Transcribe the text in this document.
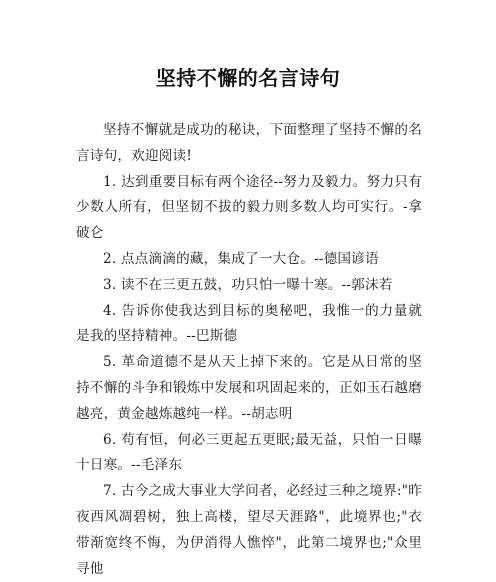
坚持不懈的名言诗句

坚持不懈就是成功的秘诀，下面整理了坚持不懈的名言诗句，欢迎阅读!

1. 达到重要目标有两个途径--努力及毅力。努力只有少数人所有，但坚韧不拔的毅力则多数人均可实行。-拿破仑

2. 点点滴滴的藏，集成了一大仓。--德国谚语

3. 读不在三更五鼓，功只怕一曝十寒。--郭沫若

4. 告诉你使我达到目标的奥秘吧，我惟一的力量就是我的坚持精神。--巴斯德

5. 革命道德不是从天上掉下来的。它是从日常的坚持不懈的斗争和锻炼中发展和巩固起来的，正如玉石越磨越亮，黄金越炼越纯一样。--胡志明

6. 苟有恒，何必三更起五更眠;最无益，只怕一日曝十日寒。--毛泽东

7. 古今之成大事业大学问者，必经过三种之境界:"昨夜西风凋碧树，独上高楼，望尽天涯路"，此境界也;"衣带渐宽终不悔，为伊消得人憔悴"，此第二境界也;"众里寻他
